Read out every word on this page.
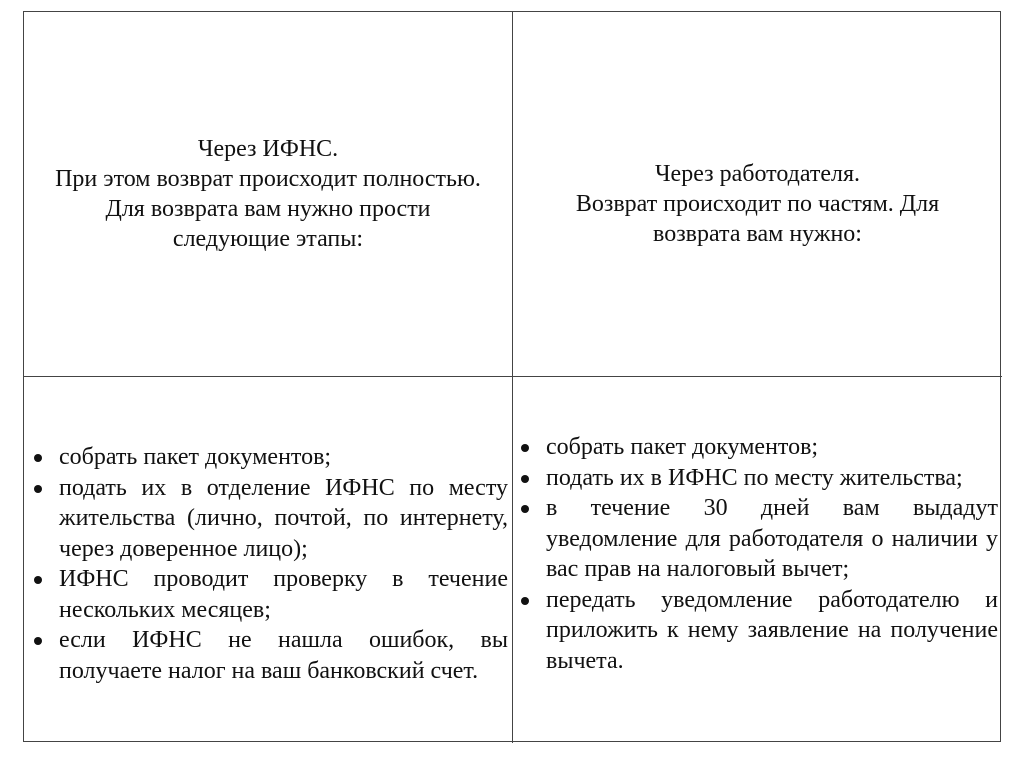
Через ИФНС.
При этом возврат происходит полностью.
Для возврата вам нужно прости
следующие этапы:
Через работодателя.
Возврат происходит по частям. Для
возврата вам нужно:
собрать пакет документов;
подать их в отделение ИФНС по месту жительства (лично, почтой, по интернету, через доверенное лицо);
ИФНС проводит проверку в течение нескольких месяцев;
если ИФНС не нашла ошибок, вы получаете налог на ваш банковский счет.
собрать пакет документов;
подать их в ИФНС по месту жительства;
в течение 30 дней вам выдадут уведомление для работодателя о наличии у вас прав на налоговый вычет;
передать уведомление работодателю и приложить к нему заявление на получение вычета.
